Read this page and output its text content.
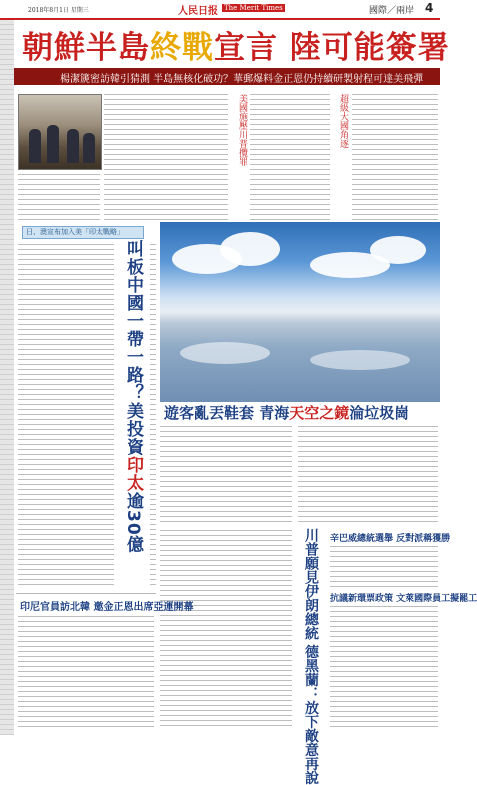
2018年8月1日 星期三	人民日报 The Merit Times	國際／兩岸 4
朝鮮半島終戰宣言 陸可能簽署
楊潔篪密訪韓引猜測 半島無核化破功？華郵爆料金正恩仍持續研製射程可達美飛彈
美國施壓川普攬罪	超級大國角逐
日、澳宣布加入美「印太戰略」
叫板中國一帶一路？美投資印太逾30億
遊客亂丟鞋套 青海天空之鏡淪垃圾崗
川普願見伊朗總統 德黑蘭：放下敵意再說	辛巴威總統選舉 反對派稱獲勝
抗議新環票政策 文萊國際員工擬罷工
印尼官員訪北韓 邀金正恩出席亞運開幕
